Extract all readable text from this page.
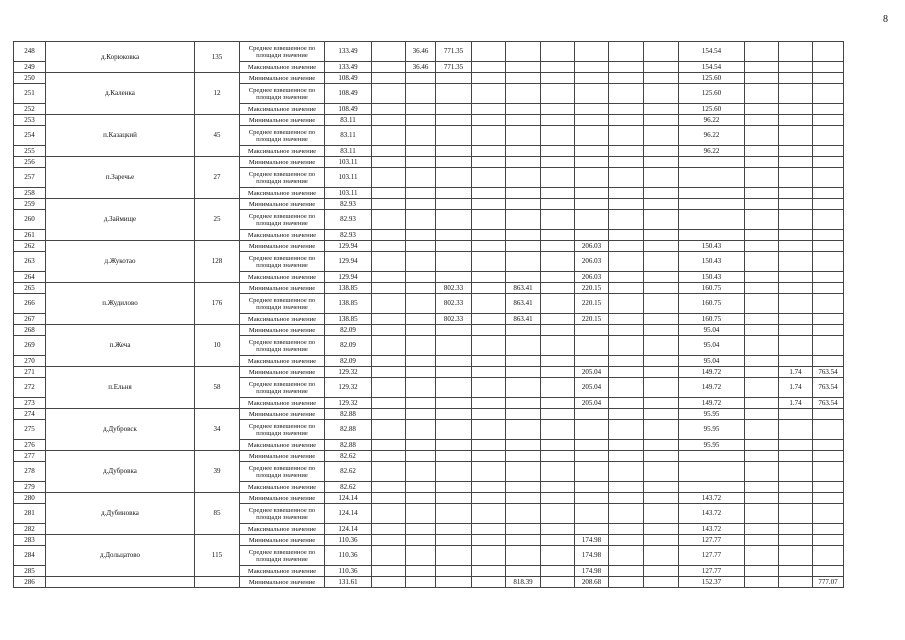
8
248	д.Корюковка	135	Среднее взвешенное по площади значение	133.49		36.46	771.35							154.54			
249			Максимальное значение	133.49		36.46	771.35							154.54			
250	д.Каленка	12	Минимальное значение	108.49										125.60			
251			Среднее взвешенное по площади значение	108.49										125.60			
252			Максимальное значение	108.49										125.60			
253	п.Казацкий	45	Минимальное значение	83.11										96.22			
254			Среднее взвешенное по площади значение	83.11										96.22			
255			Максимальное значение	83.11										96.22			
256	п.Заречье	27	Минимальное значение	103.11													
257			Среднее взвешенное по площади значение	103.11													
258			Максимальное значение	103.11													
259	д.Займище	25	Минимальное значение	82.93													
260			Среднее взвешенное по площади значение	82.93													
261			Максимальное значение	82.93													
262	д.Жукотао	128	Минимальное значение	129.94							206.03			150.43			
263			Среднее взвешенное по площади значение	129.94							206.03			150.43			
264			Максимальное значение	129.94							206.03			150.43			
265	п.Жудилово	176	Минимальное значение	138.85			802.33		863.41		220.15			160.75			
266			Среднее взвешенное по площади значение	138.85			802.33		863.41		220.15			160.75			
267			Максимальное значение	138.85			802.33		863.41		220.15			160.75			
268	п.Жеча	10	Минимальное значение	82.09										95.04			
269			Среднее взвешенное по площади значение	82.09										95.04			
270			Максимальное значение	82.09										95.04			
271	п.Ельня	58	Минимальное значение	129.32							205.04			149.72		1.74	763.54
272			Среднее взвешенное по площади значение	129.32							205.04			149.72		1.74	763.54
273			Максимальное значение	129.32							205.04			149.72		1.74	763.54
274	д.Дубровск	34	Минимальное значение	82.88										95.95			
275			Среднее взвешенное по площади значение	82.88										95.95			
276			Максимальное значение	82.88										95.95			
277	д.Дубровка	39	Минимальное значение	82.62													
278			Среднее взвешенное по площади значение	82.62													
279			Максимальное значение	82.62													
280	д.Дубиновка	85	Минимальное значение	124.14										143.72			
281			Среднее взвешенное по площади значение	124.14										143.72			
282			Максимальное значение	124.14										143.72			
283	д.Дольцатово	115	Минимальное значение	110.36							174.98			127.77			
284			Среднее взвешенное по площади значение	110.36							174.98			127.77			
285			Максимальное значение	110.36							174.98			127.77			
286			Минимальное значение	131.61					818.39		208.68			152.37			777.07
